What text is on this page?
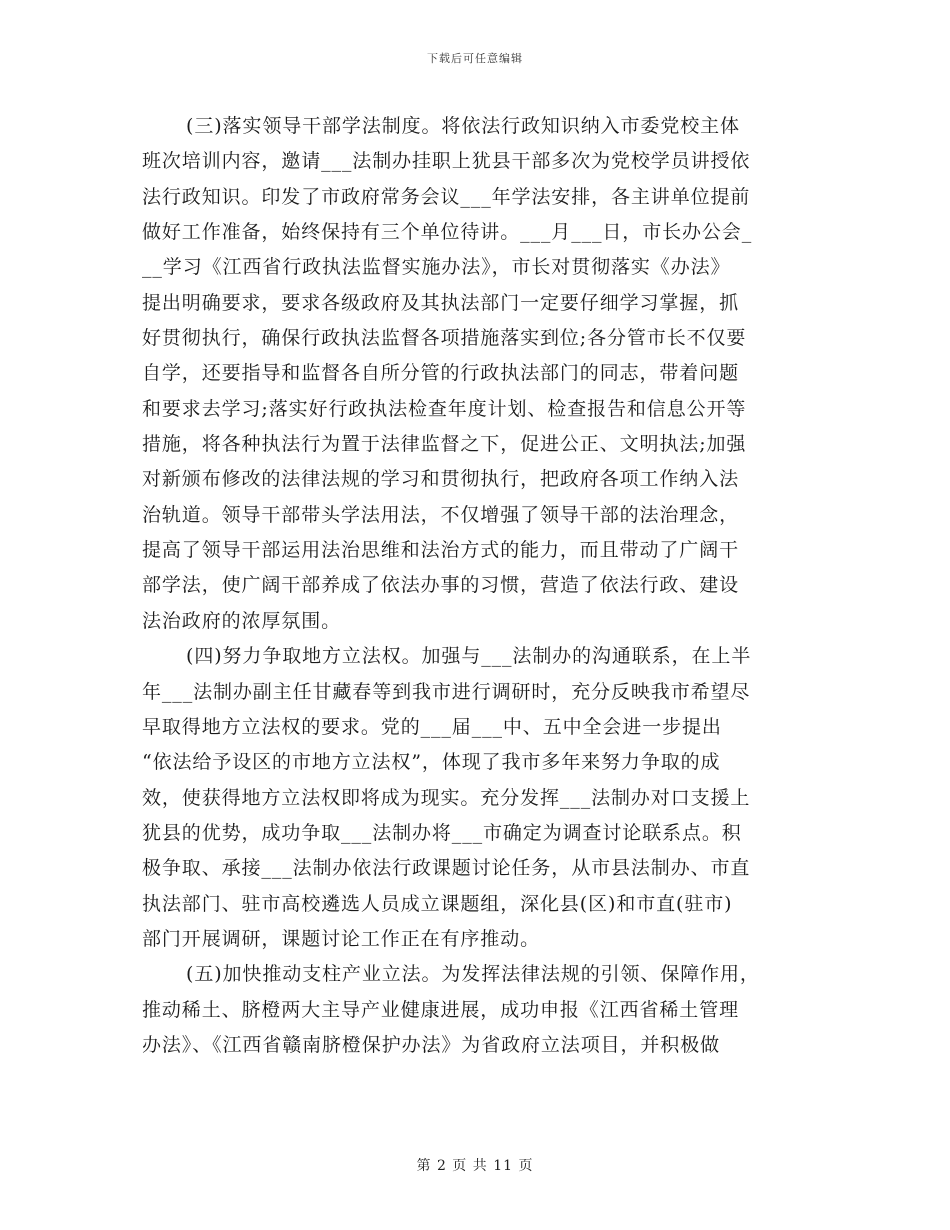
下载后可任意编辑
(三)落实领导干部学法制度。将依法行政知识纳入市委党校主体
班次培训内容，邀请___法制办挂职上犹县干部多次为党校学员讲授依
法行政知识。印发了市政府常务会议___年学法安排，各主讲单位提前
做好工作准备，始终保持有三个单位待讲。___月___日，市长办公会_
__学习《江西省行政执法监督实施办法》，市长对贯彻落实《办法》
提出明确要求，要求各级政府及其执法部门一定要仔细学习掌握，抓
好贯彻执行，确保行政执法监督各项措施落实到位;各分管市长不仅要
自学，还要指导和监督各自所分管的行政执法部门的同志，带着问题
和要求去学习;落实好行政执法检查年度计划、检查报告和信息公开等
措施，将各种执法行为置于法律监督之下，促进公正、文明执法;加强
对新颁布修改的法律法规的学习和贯彻执行，把政府各项工作纳入法
治轨道。领导干部带头学法用法，不仅增强了领导干部的法治理念，
提高了领导干部运用法治思维和法治方式的能力，而且带动了广阔干
部学法，使广阔干部养成了依法办事的习惯，营造了依法行政、建设
法治政府的浓厚氛围。
(四)努力争取地方立法权。加强与___法制办的沟通联系，在上半
年___法制办副主任甘藏春等到我市进行调研时，充分反映我市希望尽
早取得地方立法权的要求。党的___届___中、五中全会进一步提出
“依法给予设区的市地方立法权”，体现了我市多年来努力争取的成
效，使获得地方立法权即将成为现实。充分发挥___法制办对口支援上
犹县的优势，成功争取___法制办将___市确定为调查讨论联系点。积
极争取、承接___法制办依法行政课题讨论任务，从市县法制办、市直
执法部门、驻市高校遴选人员成立课题组，深化县(区)和市直(驻市)
部门开展调研，课题讨论工作正在有序推动。
(五)加快推动支柱产业立法。为发挥法律法规的引领、保障作用，
推动稀土、脐橙两大主导产业健康进展，成功申报《江西省稀土管理
办法》、《江西省赣南脐橙保护办法》为省政府立法项目，并积极做
第 2 页 共 11 页
